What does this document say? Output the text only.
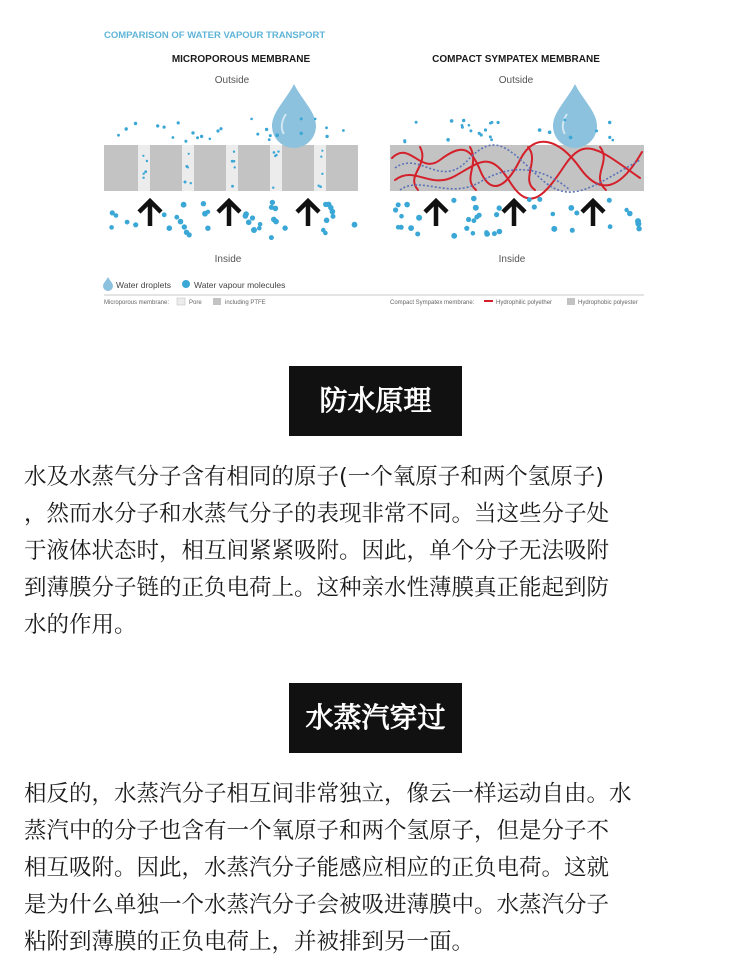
COMPARISON OF WATER VAPOUR TRANSPORT
MICROPOROUS MEMBRANE
Outside
Inside
COMPACT SYMPATEX MEMBRANE
Outside
Inside
Water droplets	Water vapour molecules
Microporous membrane:	Pore	including PTFE	Compact Sympatex membrane:	Hydrophilic polyether	Hydrophobic polyester
防水原理

水及水蒸气分子含有相同的原子(一个氧原子和两个氢原子)
，然而水分子和水蒸气分子的表现非常不同。当这些分子处
于液体状态时，相互间紧紧吸附。因此，单个分子无法吸附
到薄膜分子链的正负电荷上。这种亲水性薄膜真正能起到防
水的作用。

水蒸汽穿过

相反的，水蒸汽分子相互间非常独立，像云一样运动自由。水
蒸汽中的分子也含有一个氧原子和两个氢原子，但是分子不
相互吸附。因此，水蒸汽分子能感应相应的正负电荷。这就
是为什么单独一个水蒸汽分子会被吸进薄膜中。水蒸汽分子
粘附到薄膜的正负电荷上，并被排到另一面。
